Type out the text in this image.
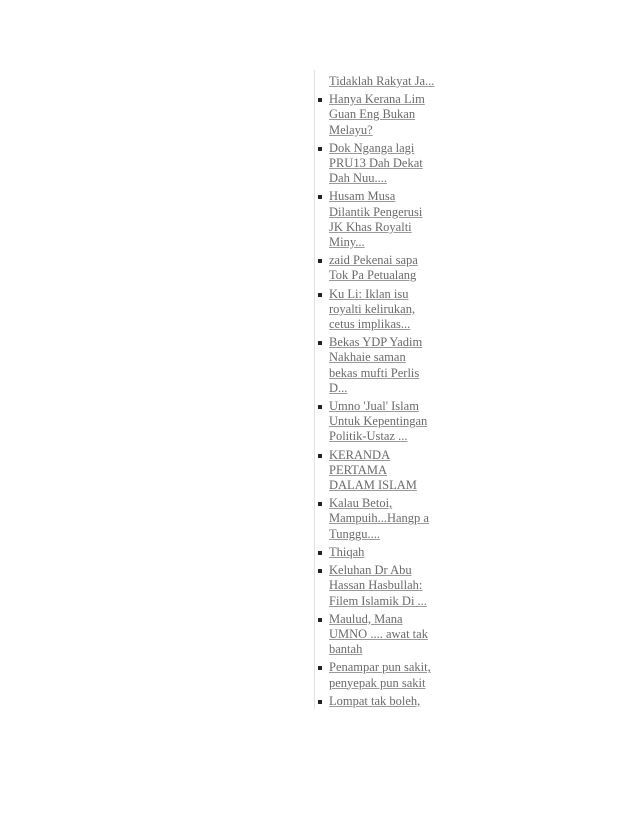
Tidaklah Rakyat Ja...
Hanya Kerana Lim Guan Eng Bukan Melayu?
Dok Nganga lagi PRU13 Dah Dekat Dah Nuu....
Husam Musa Dilantik Pengerusi JK Khas Royalti Miny...
zaid Pekenai sapa Tok Pa Petualang
Ku Li: Iklan isu royalti kelirukan, cetus implikas...
Bekas YDP Yadim Nakhaie saman bekas mufti Perlis D...
Umno 'Jual' Islam Untuk Kepentingan Politik-Ustaz ...
KERANDA PERTAMA DALAM ISLAM
Kalau Betoi, Mampuih...Hangp a Tunggu....
Thiqah
Keluhan Dr Abu Hassan Hasbullah: Filem Islamik Di ...
Maulud, Mana UMNO .... awat tak bantah
Penampar pun sakit, penyepak pun sakit
Lompat tak boleh,
